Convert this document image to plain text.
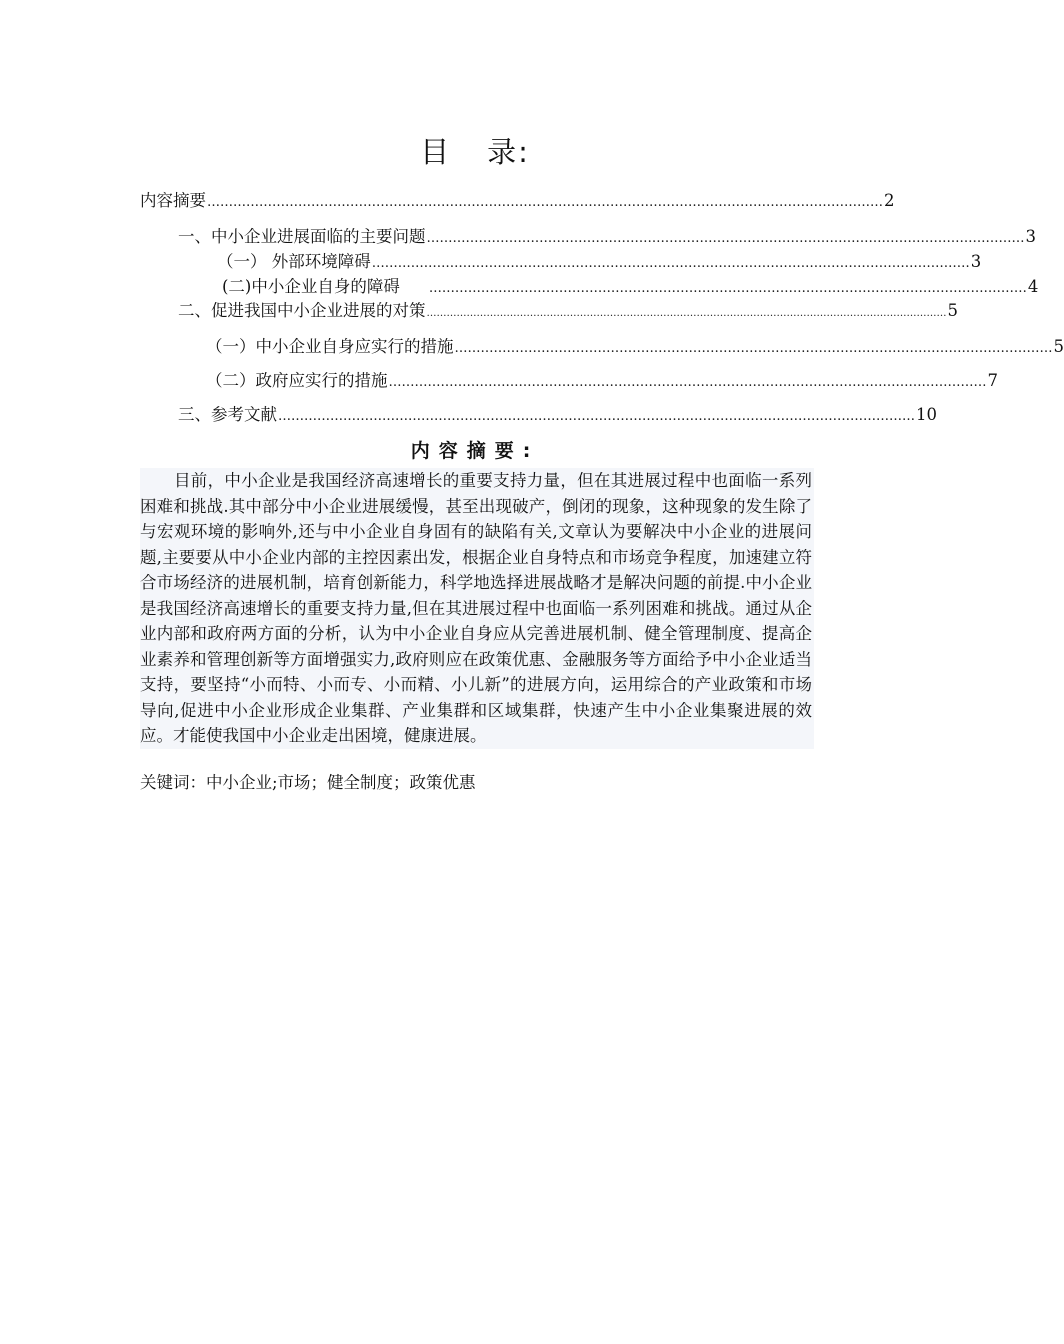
目 录:
内容摘要 ………………………………………………………………………………………………………………………………………… 2
一、中小企业进展面临的主要问题 ………………………………………………………………………………………………………………………… 3
（一） 外部环境障碍 ………………………………………………………………………………………………………………………… 3
(二)中小企业自身的障碍 ………………………………………………………………………………………………………………………… 4
二、促进我国中小企业进展的对策 ………………………………………………………………………………………………………………………………………… 5
（一）中小企业自身应实行的措施 ………………………………………………………………………………………………………………………… 5
（二）政府应实行的措施 ………………………………………………………………………………………………………………………… 7
三、参考文献 ………………………………………………………………………………………………………………………………… 10
内容摘要:
目前，中小企业是我国经济高速增长的重要支持力量，但在其进展过程中也面临一系列困难和挑战.其中部分中小企业进展缓慢，甚至出现破产，倒闭的现象，这种现象的发生除了与宏观环境的影响外,还与中小企业自身固有的缺陷有关,文章认为要解决中小企业的进展问题,主要要从中小企业内部的主控因素出发，根据企业自身特点和市场竞争程度，加速建立符合市场经济的进展机制，培育创新能力，科学地选择进展战略才是解决问题的前提.中小企业是我国经济高速增长的重要支持力量,但在其进展过程中也面临一系列困难和挑战。通过从企业内部和政府两方面的分析，认为中小企业自身应从完善进展机制、健全管理制度、提高企业素养和管理创新等方面增强实力,政府则应在政策优惠、金融服务等方面给予中小企业适当支持，要坚持“小而特、小而专、小而精、小儿新”的进展方向，运用综合的产业政策和市场导向,促进中小企业形成企业集群、产业集群和区域集群，快速产生中小企业集聚进展的效应。才能使我国中小企业走出困境，健康进展。
关键词：中小企业;市场；健全制度；政策优惠
